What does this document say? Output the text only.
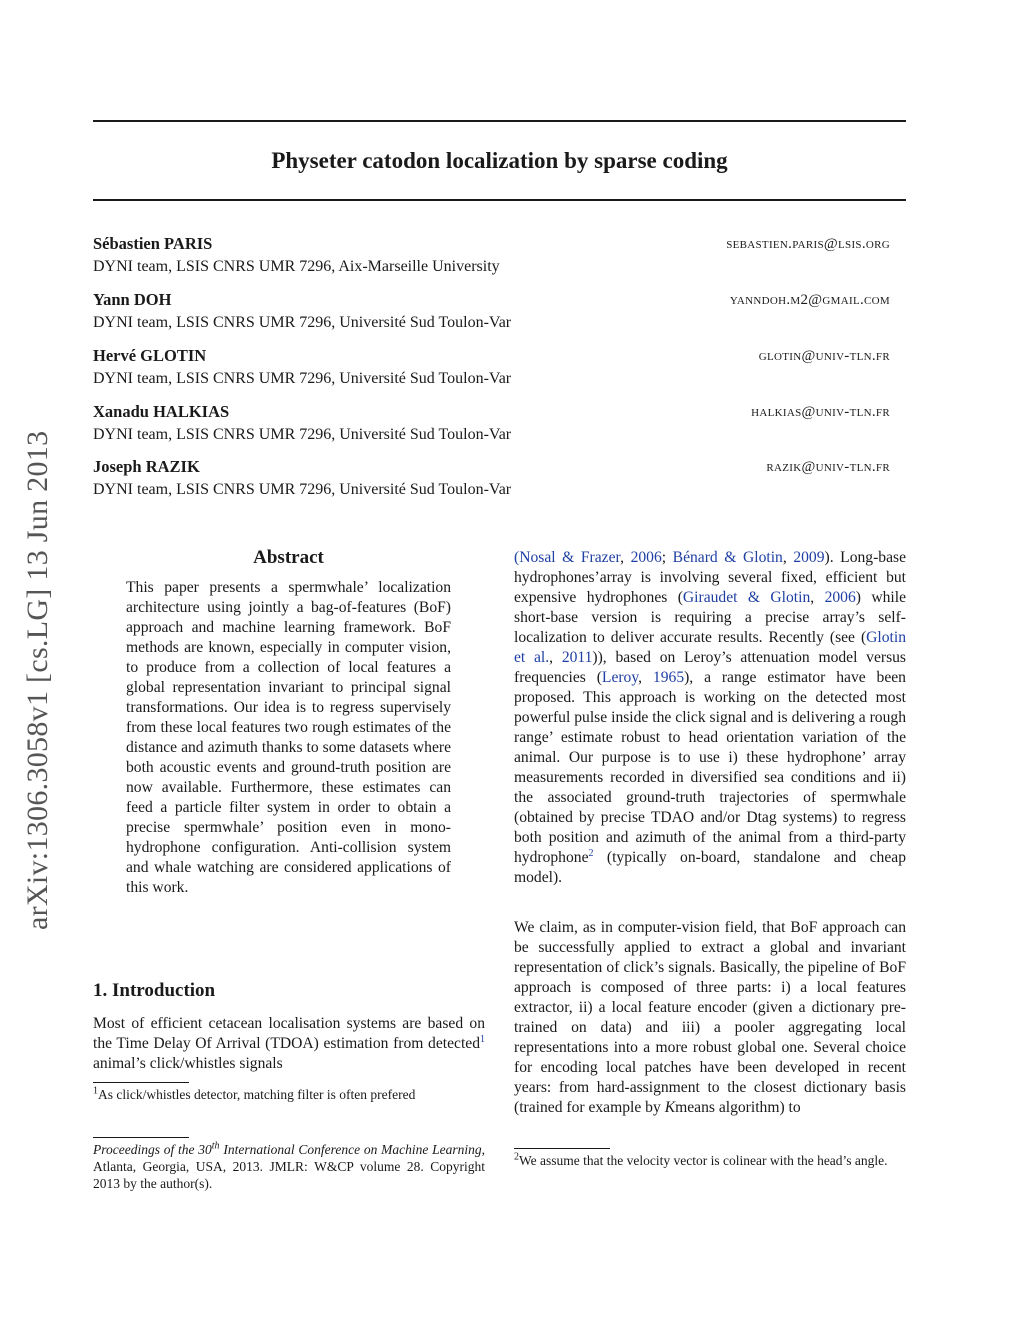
Physeter catodon localization by sparse coding
arXiv:1306.3058v1 [cs.LG] 13 Jun 2013
Sébastien PARIS	sebastien.paris@lsis.org
DYNI team, LSIS CNRS UMR 7296, Aix-Marseille University
Yann DOH	yanndoh.m2@gmail.com
DYNI team, LSIS CNRS UMR 7296, Université Sud Toulon-Var
Hervé GLOTIN	glotin@univ-tln.fr
DYNI team, LSIS CNRS UMR 7296, Université Sud Toulon-Var
Xanadu HALKIAS	halkias@univ-tln.fr
DYNI team, LSIS CNRS UMR 7296, Université Sud Toulon-Var
Joseph RAZIK	razik@univ-tln.fr
DYNI team, LSIS CNRS UMR 7296, Université Sud Toulon-Var
Abstract
This paper presents a spermwhale’ localization architecture using jointly a bag-of-features (BoF) approach and machine learning framework. BoF methods are known, especially in computer vision, to produce from a collection of local features a global representation invariant to principal signal transformations. Our idea is to regress supervisely from these local features two rough estimates of the distance and azimuth thanks to some datasets where both acoustic events and ground-truth position are now available. Furthermore, these estimates can feed a particle filter system in order to obtain a precise spermwhale’ position even in mono-hydrophone configuration. Anti-collision system and whale watching are considered applications of this work.
1. Introduction
Most of efficient cetacean localisation systems are based on the Time Delay Of Arrival (TDOA) estimation from detected$^1$ animal’s click/whistles signals
$^1$As click/whistles detector, matching filter is often prefered
Proceedings of the 30th International Conference on Machine Learning, Atlanta, Georgia, USA, 2013. JMLR: W&CP volume 28. Copyright 2013 by the author(s).
(Nosal & Frazer, 2006; Bénard & Glotin, 2009). Long-base hydrophones’array is involving several fixed, efficient but expensive hydrophones (Giraudet & Glotin, 2006) while short-base version is requiring a precise array’s self-localization to deliver accurate results. Recently (see (Glotin et al., 2011)), based on Leroy’s attenuation model versus frequencies (Leroy, 1965), a range estimator have been proposed. This approach is working on the detected most powerful pulse inside the click signal and is delivering a rough range’ estimate robust to head orientation variation of the animal. Our purpose is to use i) these hydrophone’ array measurements recorded in diversified sea conditions and ii) the associated ground-truth trajectories of spermwhale (obtained by precise TDAO and/or Dtag systems) to regress both position and azimuth of the animal from a third-party hydrophone$^2$ (typically on-board, standalone and cheap model).
We claim, as in computer-vision field, that BoF approach can be successfully applied to extract a global and invariant representation of click’s signals. Basically, the pipeline of BoF approach is composed of three parts: i) a local features extractor, ii) a local feature encoder (given a dictionary pre-trained on data) and iii) a pooler aggregating local representations into a more robust global one. Several choice for encoding local patches have been developed in recent years: from hard-assignment to the closest dictionary basis (trained for example by Kmeans algorithm) to
$^2$We assume that the velocity vector is colinear with the head’s angle.
